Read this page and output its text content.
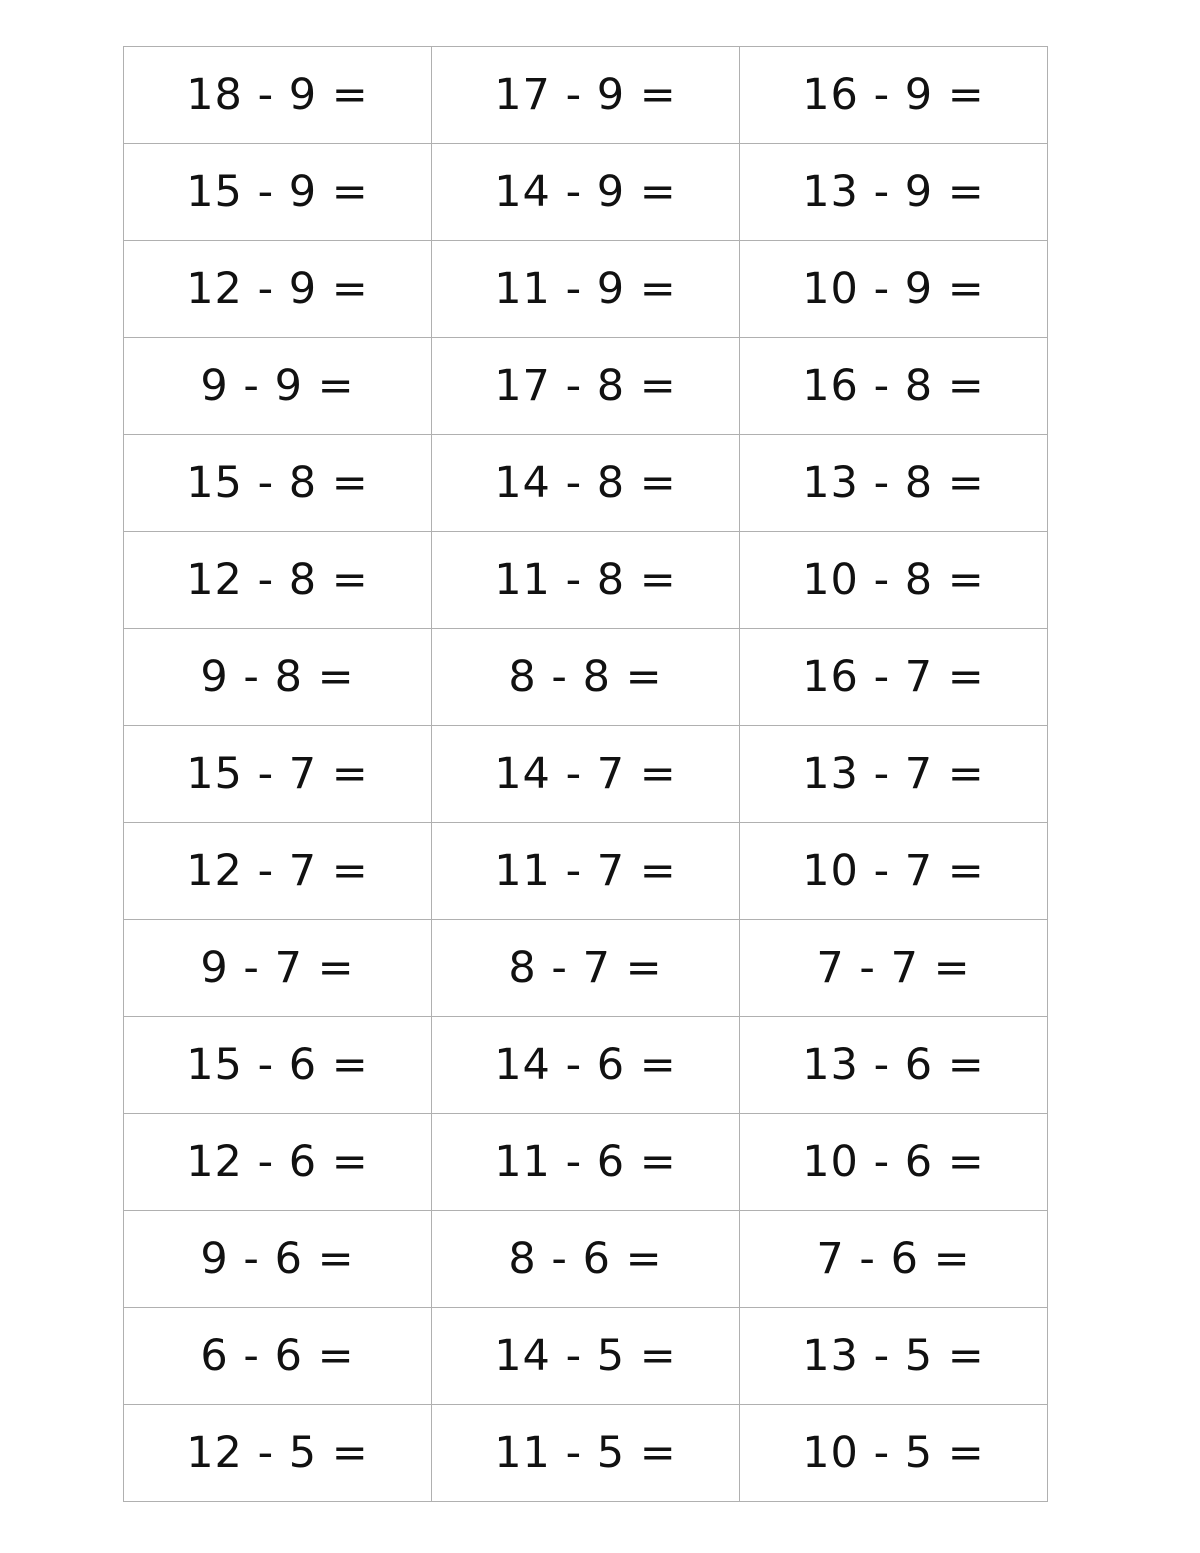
18 - 9 =	17 - 9 =	16 - 9 =
15 - 9 =	14 - 9 =	13 - 9 =
12 - 9 =	11 - 9 =	10 - 9 =
9 - 9 =	17 - 8 =	16 - 8 =
15 - 8 =	14 - 8 =	13 - 8 =
12 - 8 =	11 - 8 =	10 - 8 =
9 - 8 =	8 - 8 =	16 - 7 =
15 - 7 =	14 - 7 =	13 - 7 =
12 - 7 =	11 - 7 =	10 - 7 =
9 - 7 =	8 - 7 =	7 - 7 =
15 - 6 =	14 - 6 =	13 - 6 =
12 - 6 =	11 - 6 =	10 - 6 =
9 - 6 =	8 - 6 =	7 - 6 =
6 - 6 =	14 - 5 =	13 - 5 =
12 - 5 =	11 - 5 =	10 - 5 =
